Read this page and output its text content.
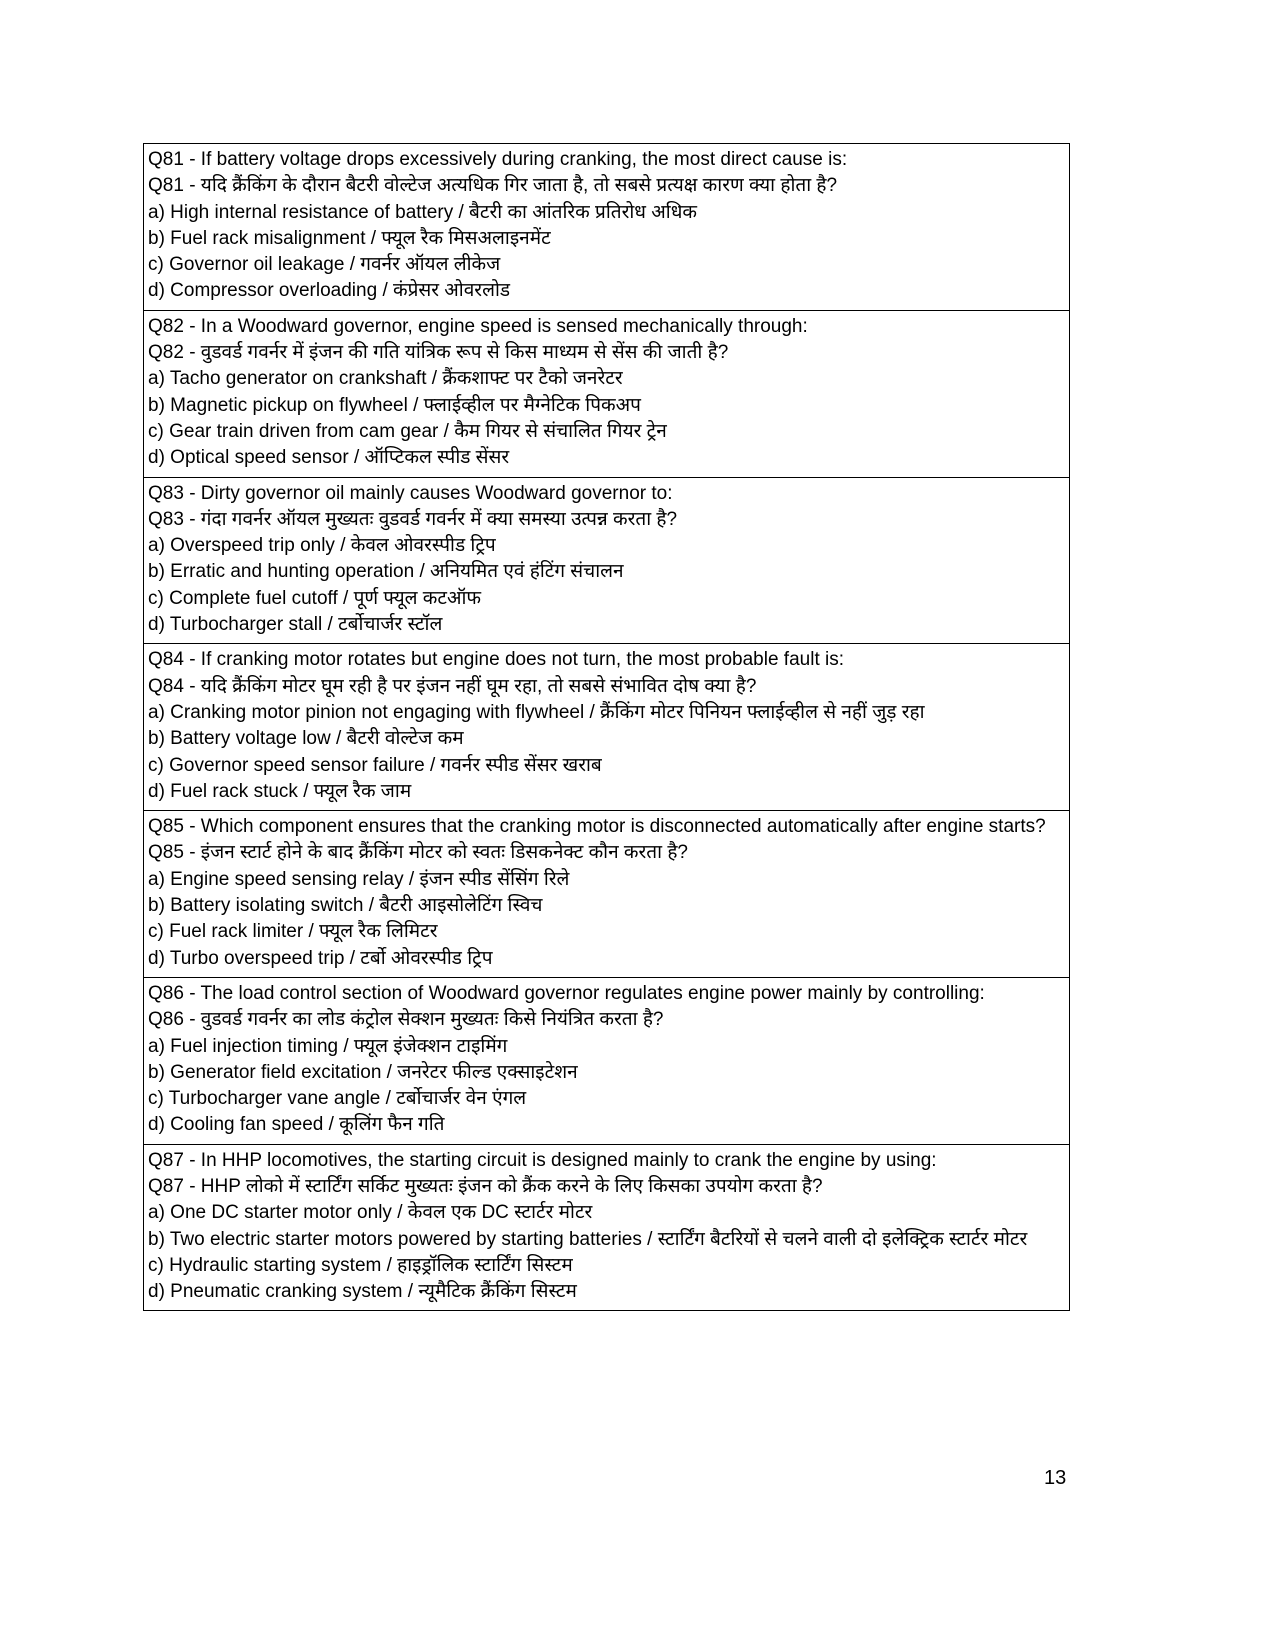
Q81 - If battery voltage drops excessively during cranking, the most direct cause is:
Q81 - यदि क्रैंकिंग के दौरान बैटरी वोल्टेज अत्यधिक गिर जाता है, तो सबसे प्रत्यक्ष कारण क्या होता है?
a) High internal resistance of battery / बैटरी का आंतरिक प्रतिरोध अधिक
b) Fuel rack misalignment / फ्यूल रैक मिसअलाइनमेंट
c) Governor oil leakage / गवर्नर ऑयल लीकेज
d) Compressor overloading / कंप्रेसर ओवरलोड
Q82 - In a Woodward governor, engine speed is sensed mechanically through:
Q82 - वुडवर्ड गवर्नर में इंजन की गति यांत्रिक रूप से किस माध्यम से सेंस की जाती है?
a) Tacho generator on crankshaft / क्रैंकशाफ्ट पर टैको जनरेटर
b) Magnetic pickup on flywheel / फ्लाईव्हील पर मैग्नेटिक पिकअप
c) Gear train driven from cam gear / कैम गियर से संचालित गियर ट्रेन
d) Optical speed sensor / ऑप्टिकल स्पीड सेंसर
Q83 - Dirty governor oil mainly causes Woodward governor to:
Q83 - गंदा गवर्नर ऑयल मुख्यतः वुडवर्ड गवर्नर में क्या समस्या उत्पन्न करता है?
a) Overspeed trip only / केवल ओवरस्पीड ट्रिप
b) Erratic and hunting operation / अनियमित एवं हंटिंग संचालन
c) Complete fuel cutoff / पूर्ण फ्यूल कटऑफ
d) Turbocharger stall / टर्बोचार्जर स्टॉल
Q84 - If cranking motor rotates but engine does not turn, the most probable fault is:
Q84 - यदि क्रैंकिंग मोटर घूम रही है पर इंजन नहीं घूम रहा, तो सबसे संभावित दोष क्या है?
a) Cranking motor pinion not engaging with flywheel / क्रैंकिंग मोटर पिनियन फ्लाईव्हील से नहीं जुड़ रहा
b) Battery voltage low / बैटरी वोल्टेज कम
c) Governor speed sensor failure / गवर्नर स्पीड सेंसर खराब
d) Fuel rack stuck / फ्यूल रैक जाम
Q85 - Which component ensures that the cranking motor is disconnected automatically after engine starts?
Q85 - इंजन स्टार्ट होने के बाद क्रैंकिंग मोटर को स्वतः डिसकनेक्ट कौन करता है?
a) Engine speed sensing relay / इंजन स्पीड सेंसिंग रिले
b) Battery isolating switch / बैटरी आइसोलेटिंग स्विच
c) Fuel rack limiter / फ्यूल रैक लिमिटर
d) Turbo overspeed trip / टर्बो ओवरस्पीड ट्रिप
Q86 - The load control section of Woodward governor regulates engine power mainly by controlling:
Q86 - वुडवर्ड गवर्नर का लोड कंट्रोल सेक्शन मुख्यतः किसे नियंत्रित करता है?
a) Fuel injection timing / फ्यूल इंजेक्शन टाइमिंग
b) Generator field excitation / जनरेटर फील्ड एक्साइटेशन
c) Turbocharger vane angle / टर्बोचार्जर वेन एंगल
d) Cooling fan speed / कूलिंग फैन गति
Q87 - In HHP locomotives, the starting circuit is designed mainly to crank the engine by using:
Q87 - HHP लोको में स्टार्टिंग सर्किट मुख्यतः इंजन को क्रैंक करने के लिए किसका उपयोग करता है?
a) One DC starter motor only / केवल एक DC स्टार्टर मोटर
b) Two electric starter motors powered by starting batteries / स्टार्टिंग बैटरियों से चलने वाली दो इलेक्ट्रिक स्टार्टर मोटर
c) Hydraulic starting system / हाइड्रॉलिक स्टार्टिंग सिस्टम
d) Pneumatic cranking system / न्यूमैटिक क्रैंकिंग सिस्टम
13
